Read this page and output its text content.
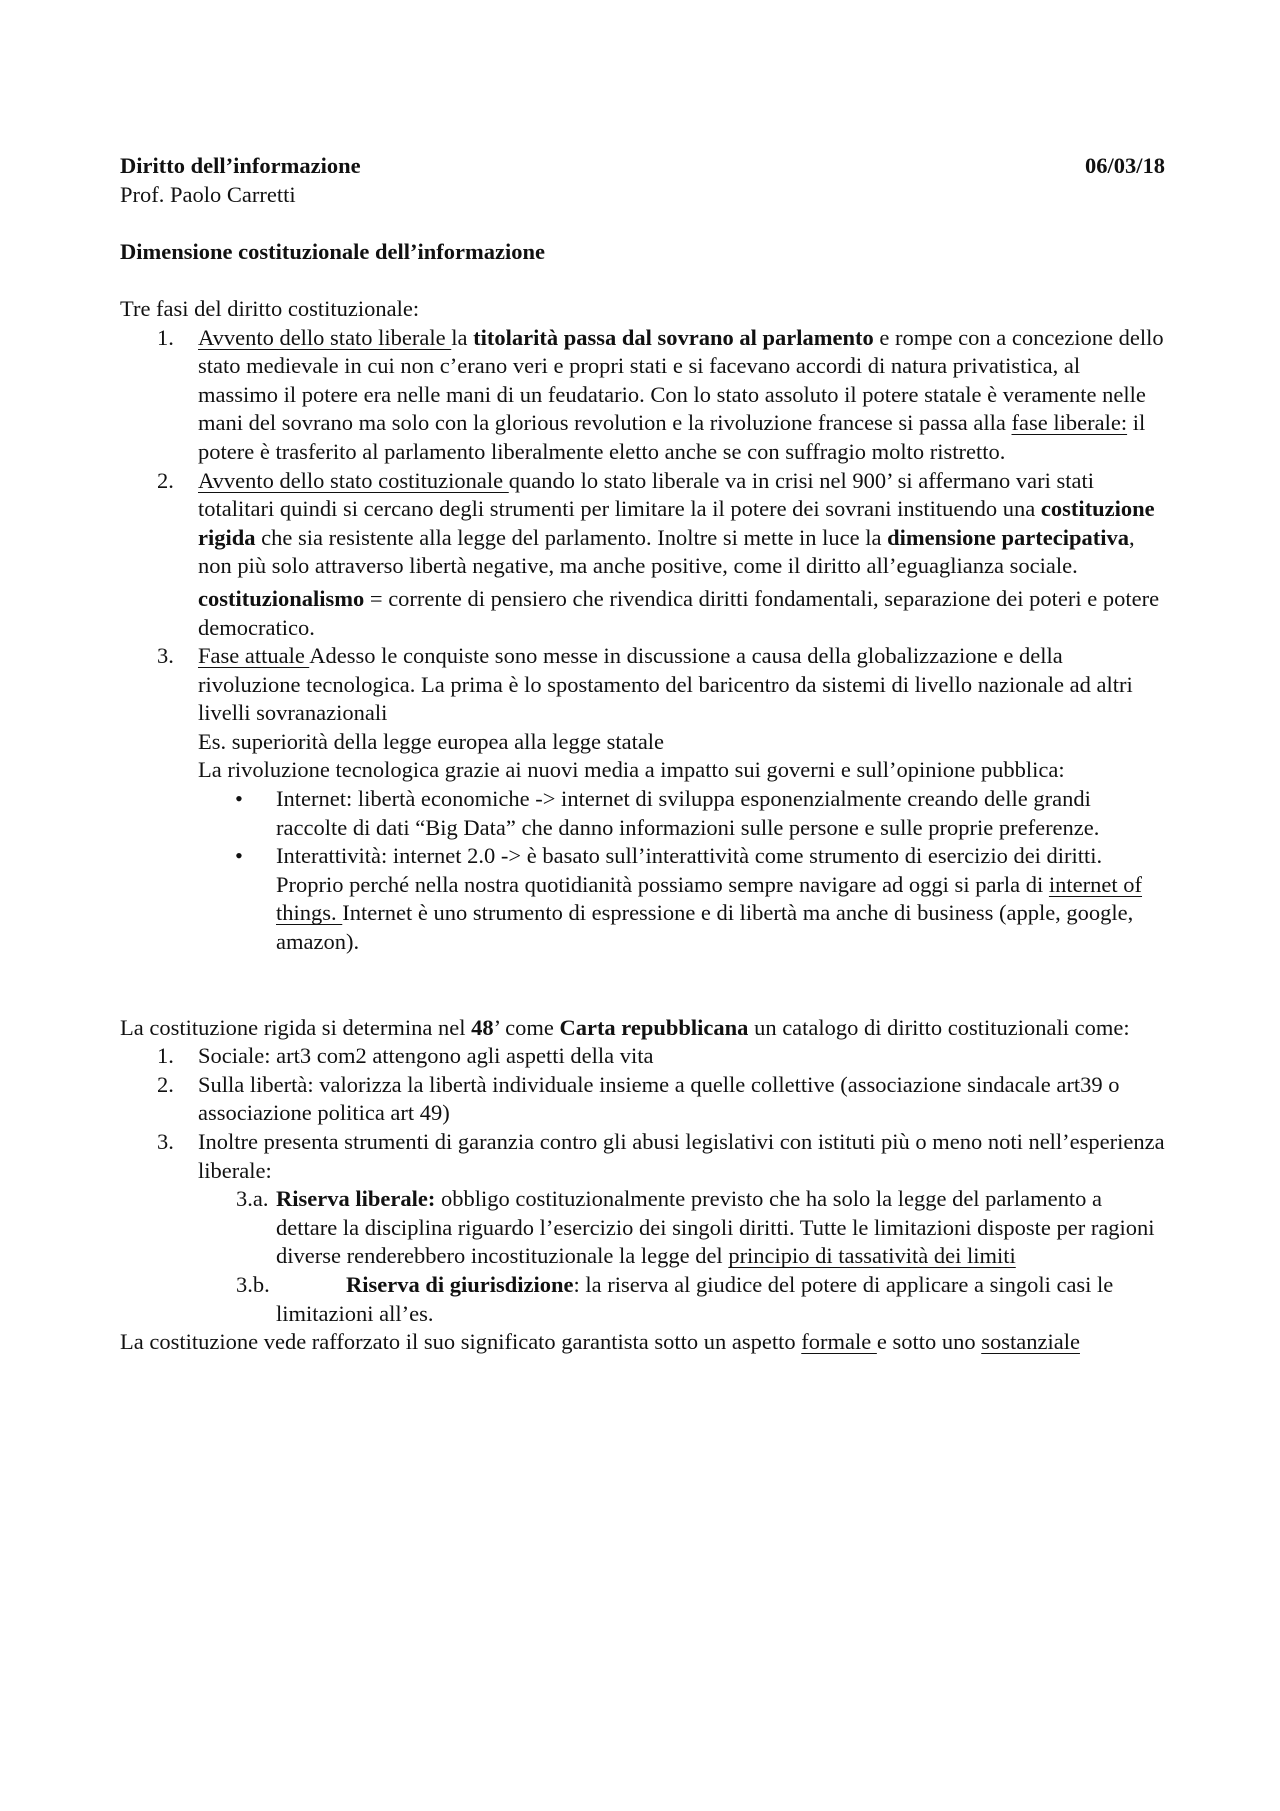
06/03/18

Diritto dell’informazione

Prof. Paolo Carretti

Dimensione costituzionale dell’informazione

Tre fasi del diritto costituzionale:

1. Avvento dello stato liberale la titolarità passa dal sovrano al parlamento e rompe con a concezione dello stato medievale in cui non c’erano veri e propri stati e si facevano accordi di natura privatistica, al massimo il potere era nelle mani di un feudatario. Con lo stato assoluto il potere statale è veramente nelle mani del sovrano ma solo con la glorious revolution e la rivoluzione francese si passa alla fase liberale: il potere è trasferito al parlamento liberalmente eletto anche se con suffragio molto ristretto.
2. Avvento dello stato costituzionale quando lo stato liberale va in crisi nel 900’ si affermano vari stati totalitari quindi si cercano degli strumenti per limitare la il potere dei sovrani instituendo una costituzione rigida che sia resistente alla legge del parlamento. Inoltre si mette in luce la dimensione partecipativa, non più solo attraverso libertà negative, ma anche positive, come il diritto all’eguaglianza sociale.

costituzionalismo = corrente di pensiero che rivendica diritti fondamentali, separazione dei poteri e potere democratico.

3. Fase attuale Adesso le conquiste sono messe in discussione a causa della globalizzazione e della rivoluzione tecnologica. La prima è lo spostamento del baricentro da sistemi di livello nazionale ad altri livelli sovranazionali

Es. superiorità della legge europea alla legge statale

La rivoluzione tecnologica grazie ai nuovi media a impatto sui governi e sull’opinione pubblica:

• Internet: libertà economiche -> internet di sviluppa esponenzialmente creando delle grandi raccolte di dati “Big Data” che danno informazioni sulle persone e sulle proprie preferenze.
• Interattività: internet 2.0 -> è basato sull’interattività come strumento di esercizio dei diritti. Proprio perché nella nostra quotidianità possiamo sempre navigare ad oggi si parla di internet of things. Internet è uno strumento di espressione e di libertà ma anche di business (apple, google, amazon).

La costituzione rigida si determina nel 48’ come Carta repubblicana un catalogo di diritto costituzionali come:

1. Sociale: art3 com2 attengono agli aspetti della vita
2. Sulla libertà: valorizza la libertà individuale insieme a quelle collettive (associazione sindacale art39 o associazione politica art 49)
3. Inoltre presenta strumenti di garanzia contro gli abusi legislativi con istituti più o meno noti nell’esperienza liberale:
3.a. Riserva liberale: obbligo costituzionalmente previsto che ha solo la legge del parlamento a dettare la disciplina riguardo l’esercizio dei singoli diritti. Tutte le limitazioni disposte per ragioni diverse renderebbero incostituzionale la legge del principio di tassatività dei limiti
3.b.	Riserva di giurisdizione: la riserva al giudice del potere di applicare a singoli casi le limitazioni all’es.

La costituzione vede rafforzato il suo significato garantista sotto un aspetto formale e sotto uno sostanziale
